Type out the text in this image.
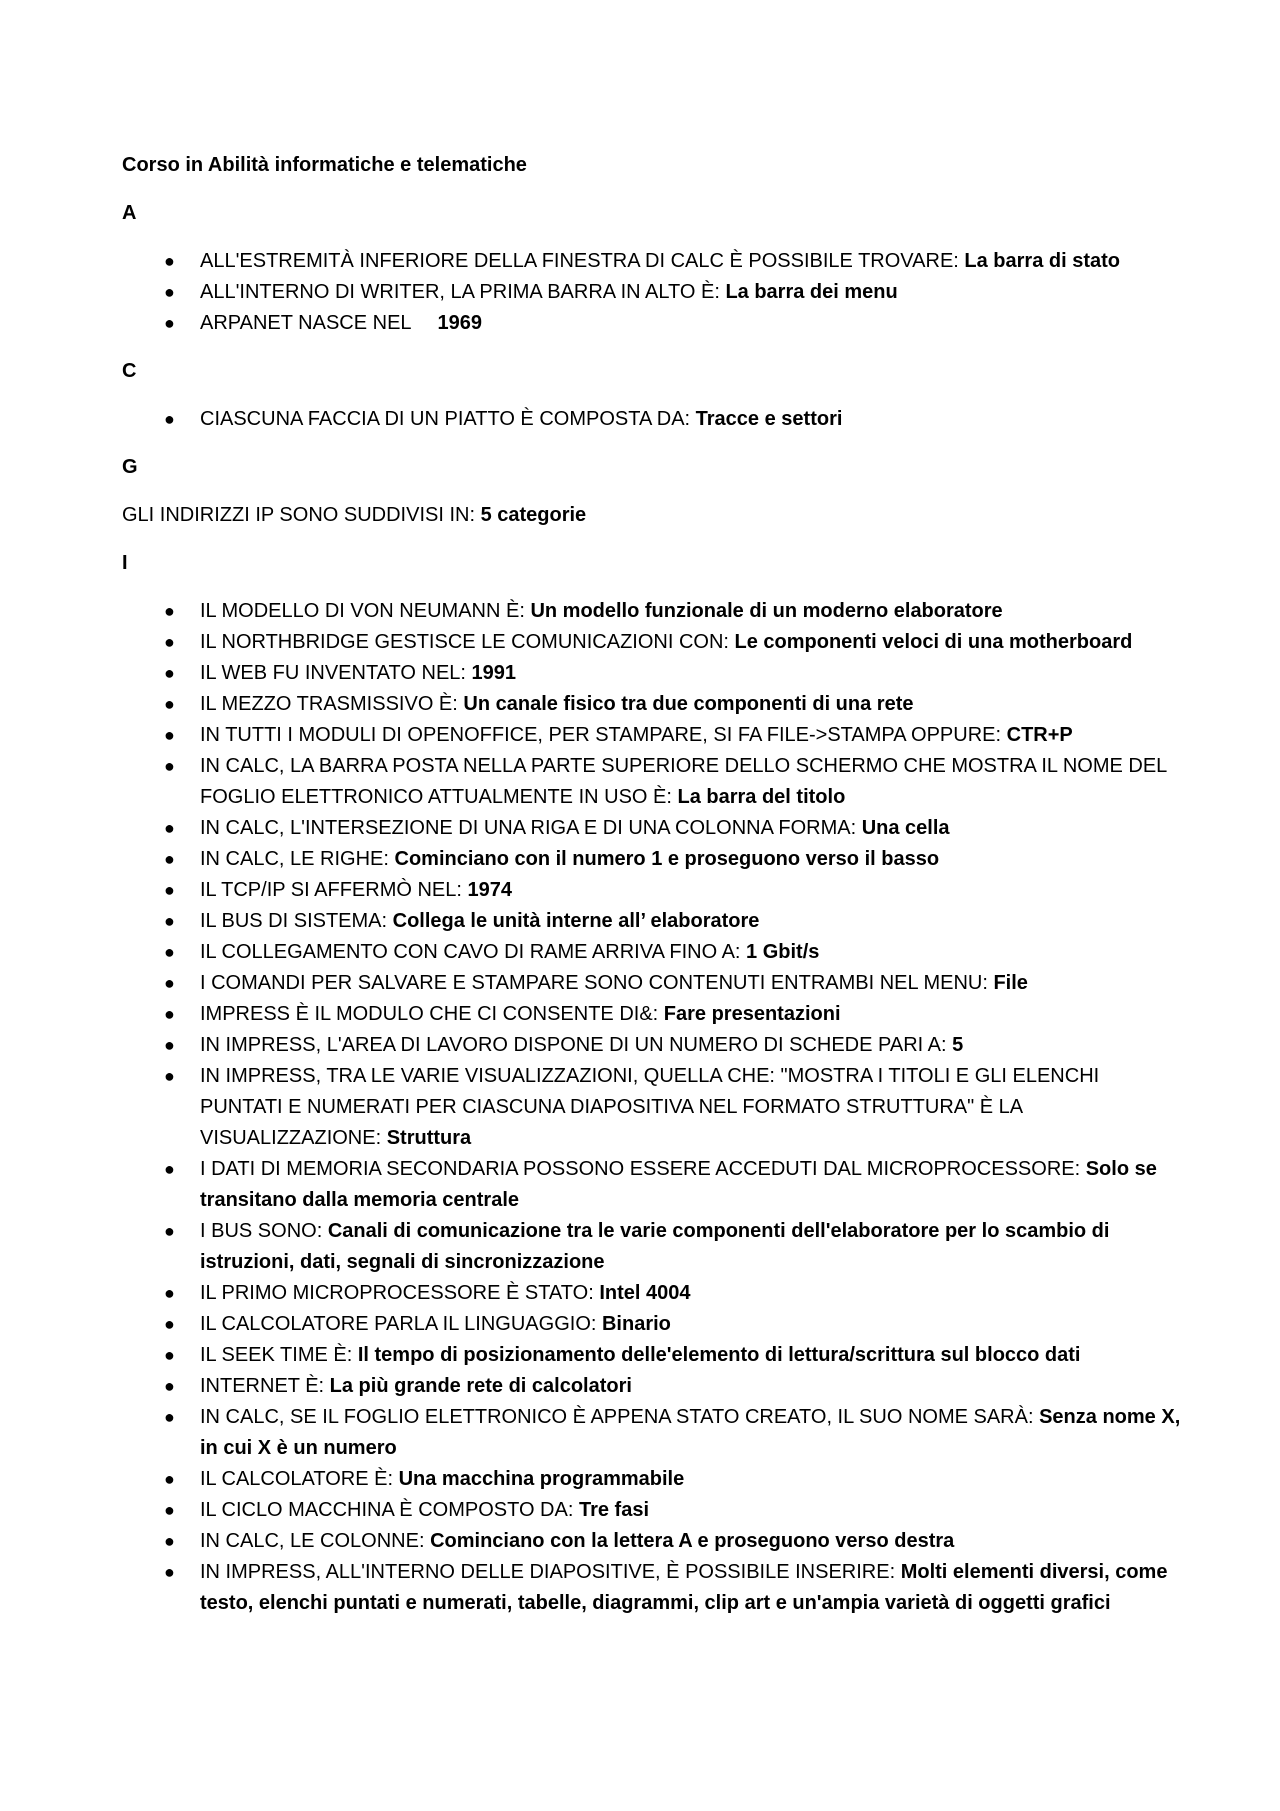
Corso in Abilità informatiche e telematiche
A
● ALL'ESTREMITÀ INFERIORE DELLA FINESTRA DI CALC È POSSIBILE TROVARE: La barra di stato
● ALL'INTERNO DI WRITER, LA PRIMA BARRA IN ALTO È: La barra dei menu
● ARPANET NASCE NEL 1969
C
● CIASCUNA FACCIA DI UN PIATTO È COMPOSTA DA: Tracce e settori
G
GLI INDIRIZZI IP SONO SUDDIVISI IN: 5 categorie
I
● IL MODELLO DI VON NEUMANN È: Un modello funzionale di un moderno elaboratore
● IL NORTHBRIDGE GESTISCE LE COMUNICAZIONI CON: Le componenti veloci di una motherboard
● IL WEB FU INVENTATO NEL: 1991
● IL MEZZO TRASMISSIVO È: Un canale fisico tra due componenti di una rete
● IN TUTTI I MODULI DI OPENOFFICE, PER STAMPARE, SI FA FILE->STAMPA OPPURE: CTR+P
● IN CALC, LA BARRA POSTA NELLA PARTE SUPERIORE DELLO SCHERMO CHE MOSTRA IL NOME DEL FOGLIO ELETTRONICO ATTUALMENTE IN USO È: La barra del titolo
● IN CALC, L'INTERSEZIONE DI UNA RIGA E DI UNA COLONNA FORMA: Una cella
● IN CALC, LE RIGHE: Cominciano con il numero 1 e proseguono verso il basso
● IL TCP/IP SI AFFERMÒ NEL: 1974
● IL BUS DI SISTEMA: Collega le unità interne all’ elaboratore
● IL COLLEGAMENTO CON CAVO DI RAME ARRIVA FINO A: 1 Gbit/s
● I COMANDI PER SALVARE E STAMPARE SONO CONTENUTI ENTRAMBI NEL MENU: File
● IMPRESS È IL MODULO CHE CI CONSENTE DI&: Fare presentazioni
● IN IMPRESS, L'AREA DI LAVORO DISPONE DI UN NUMERO DI SCHEDE PARI A: 5
● IN IMPRESS, TRA LE VARIE VISUALIZZAZIONI, QUELLA CHE: "MOSTRA I TITOLI E GLI ELENCHI PUNTATI E NUMERATI PER CIASCUNA DIAPOSITIVA NEL FORMATO STRUTTURA" È LA VISUALIZZAZIONE: Struttura
● I DATI DI MEMORIA SECONDARIA POSSONO ESSERE ACCEDUTI DAL MICROPROCESSORE: Solo se transitano dalla memoria centrale
● I BUS SONO: Canali di comunicazione tra le varie componenti dell'elaboratore per lo scambio di istruzioni, dati, segnali di sincronizzazione
● IL PRIMO MICROPROCESSORE È STATO: Intel 4004
● IL CALCOLATORE PARLA IL LINGUAGGIO: Binario
● IL SEEK TIME È: Il tempo di posizionamento delle'elemento di lettura/scrittura sul blocco dati
● INTERNET È: La più grande rete di calcolatori
● IN CALC, SE IL FOGLIO ELETTRONICO È APPENA STATO CREATO, IL SUO NOME SARÀ: Senza nome X, in cui X è un numero
● IL CALCOLATORE È: Una macchina programmabile
● IL CICLO MACCHINA È COMPOSTO DA: Tre fasi
● IN CALC, LE COLONNE: Cominciano con la lettera A e proseguono verso destra
● IN IMPRESS, ALL'INTERNO DELLE DIAPOSITIVE, È POSSIBILE INSERIRE: Molti elementi diversi, come testo, elenchi puntati e numerati, tabelle, diagrammi, clip art e un'ampia varietà di oggetti grafici
